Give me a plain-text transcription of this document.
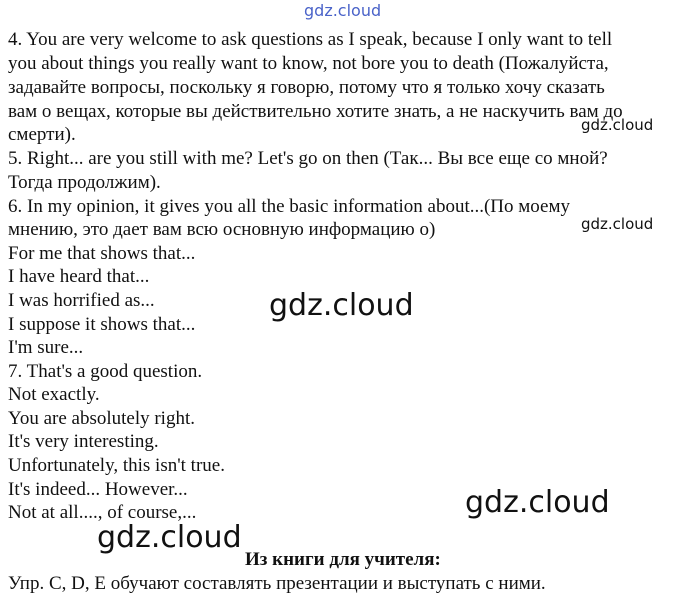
gdz.cloud
4. You are very welcome to ask questions as I speak, because I only want to tell
you about things you really want to know, not bore you to death (Пожалуйста,
задавайте вопросы, поскольку я говорю, потому что я только хочу сказать
вам о вещах, которые вы действительно хотите знать, а не наскучить вам до
смерти).
5. Right... are you still with me? Let's go on then (Так... Вы все еще со мной?
Тогда продолжим).
6. In my opinion, it gives you all the basic information about...(По моему
мнению, это дает вам всю основную информацию о)
For me that shows that...
I have heard that...
I was horrified as...
I suppose it shows that...
I'm sure...
7. That's a good question.
Not exactly.
You are absolutely right.
It's very interesting.
Unfortunately, this isn't true.
It's indeed... However...
Not at all...., of course,...
Из книги для учителя:
Упр. C, D, E обучают составлять презентации и выступать с ними.
gdz.cloud
gdz.cloud
gdz.cloud
gdz.cloud
gdz.cloud
